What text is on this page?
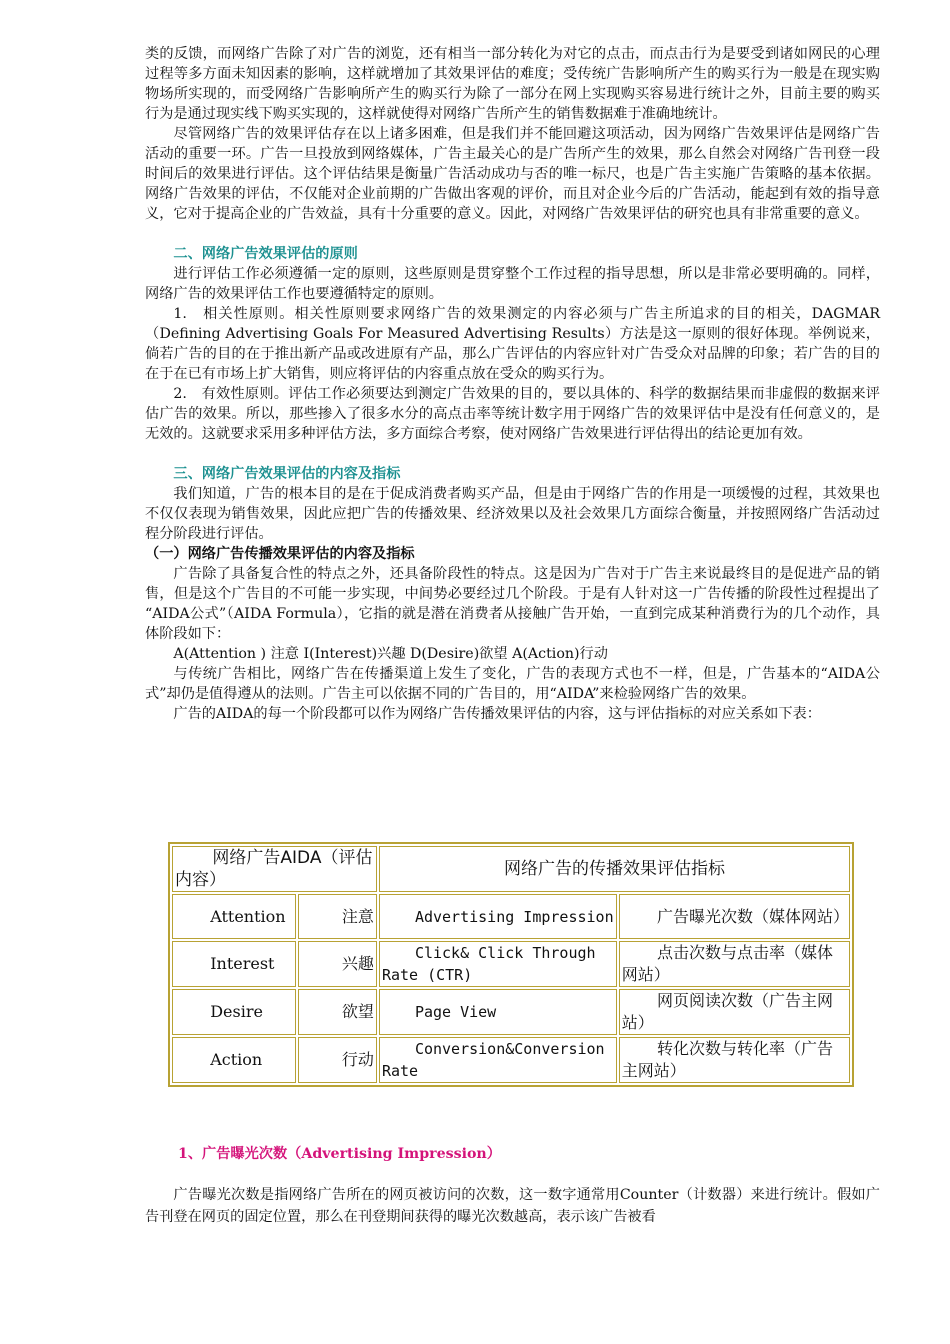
类的反馈，而网络广告除了对广告的浏览，还有相当一部分转化为对它的点击，而点击行为是要受到诸如网民的心理过程等多方面未知因素的影响，这样就增加了其效果评估的难度；受传统广告影响所产生的购买行为一般是在现实购物场所实现的，而受网络广告影响所产生的购买行为除了一部分在网上实现购买容易进行统计之外，目前主要的购买行为是通过现实线下购买实现的，这样就使得对网络广告所产生的销售数据难于准确地统计。

尽管网络广告的效果评估存在以上诸多困难，但是我们并不能回避这项活动，因为网络广告效果评估是网络广告活动的重要一环。广告一旦投放到网络媒体，广告主最关心的是广告所产生的效果，那么自然会对网络广告刊登一段时间后的效果进行评估。这个评估结果是衡量广告活动成功与否的唯一标尺，也是广告主实施广告策略的基本依据。网络广告效果的评估，不仅能对企业前期的广告做出客观的评价，而且对企业今后的广告活动，能起到有效的指导意义，它对于提高企业的广告效益，具有十分重要的意义。因此，对网络广告效果评估的研究也具有非常重要的意义。

二、网络广告效果评估的原则

进行评估工作必须遵循一定的原则，这些原则是贯穿整个工作过程的指导思想，所以是非常必要明确的。同样，网络广告的效果评估工作也要遵循特定的原则。

1.　相关性原则。相关性原则要求网络广告的效果测定的内容必须与广告主所追求的目的相关，DAGMAR（Defining Advertising Goals For Measured Advertising Results）方法是这一原则的很好体现。举例说来，倘若广告的目的在于推出新产品或改进原有产品，那么广告评估的内容应针对广告受众对品牌的印象；若广告的目的在于在已有市场上扩大销售，则应将评估的内容重点放在受众的购买行为。

2.　有效性原则。评估工作必须要达到测定广告效果的目的，要以具体的、科学的数据结果而非虚假的数据来评估广告的效果。所以，那些掺入了很多水分的高点击率等统计数字用于网络广告的效果评估中是没有任何意义的，是无效的。这就要求采用多种评估方法，多方面综合考察，使对网络广告效果进行评估得出的结论更加有效。

三、网络广告效果评估的内容及指标

我们知道，广告的根本目的是在于促成消费者购买产品，但是由于网络广告的作用是一项缓慢的过程，其效果也不仅仅表现为销售效果，因此应把广告的传播效果、经济效果以及社会效果几方面综合衡量，并按照网络广告活动过程分阶段进行评估。

（一）网络广告传播效果评估的内容及指标

广告除了具备复合性的特点之外，还具备阶段性的特点。这是因为广告对于广告主来说最终目的是促进产品的销售，但是这个广告目的不可能一步实现，中间势必要经过几个阶段。于是有人针对这一广告传播的阶段性过程提出了 “AIDA公式”（AIDA Formula），它指的就是潜在消费者从接触广告开始，一直到完成某种消费行为的几个动作，具体阶段如下：

A(Attention ) 注意 I(Interest)兴趣 D(Desire)欲望 A(Action)行动

与传统广告相比，网络广告在传播渠道上发生了变化，广告的表现方式也不一样，但是，广告基本的“AIDA公式”却仍是值得遵从的法则。广告主可以依据不同的广告目的，用“AIDA”来检验网络广告的效果。

广告的AIDA的每一个阶段都可以作为网络广告传播效果评估的内容，这与评估指标的对应关系如下表：

网络广告AIDA（评估内容）		网络广告的传播效果评估指标	

Attention	注意	Advertising Impression	广告曝光次数（媒体网站）

Interest	兴趣	Click& Click Through Rate (CTR)	点击次数与点击率（媒体网站）

Desire	欲望	Page View	网页阅读次数（广告主网站）

Action	行动	Conversion&Conversion Rate	转化次数与转化率（广告主网站）
1、广告曝光次数（Advertising Impression）

广告曝光次数是指网络广告所在的网页被访问的次数，这一数字通常用Counter（计数器）来进行统计。假如广告刊登在网页的固定位置，那么在刊登期间获得的曝光次数越高，表示该广告被看
